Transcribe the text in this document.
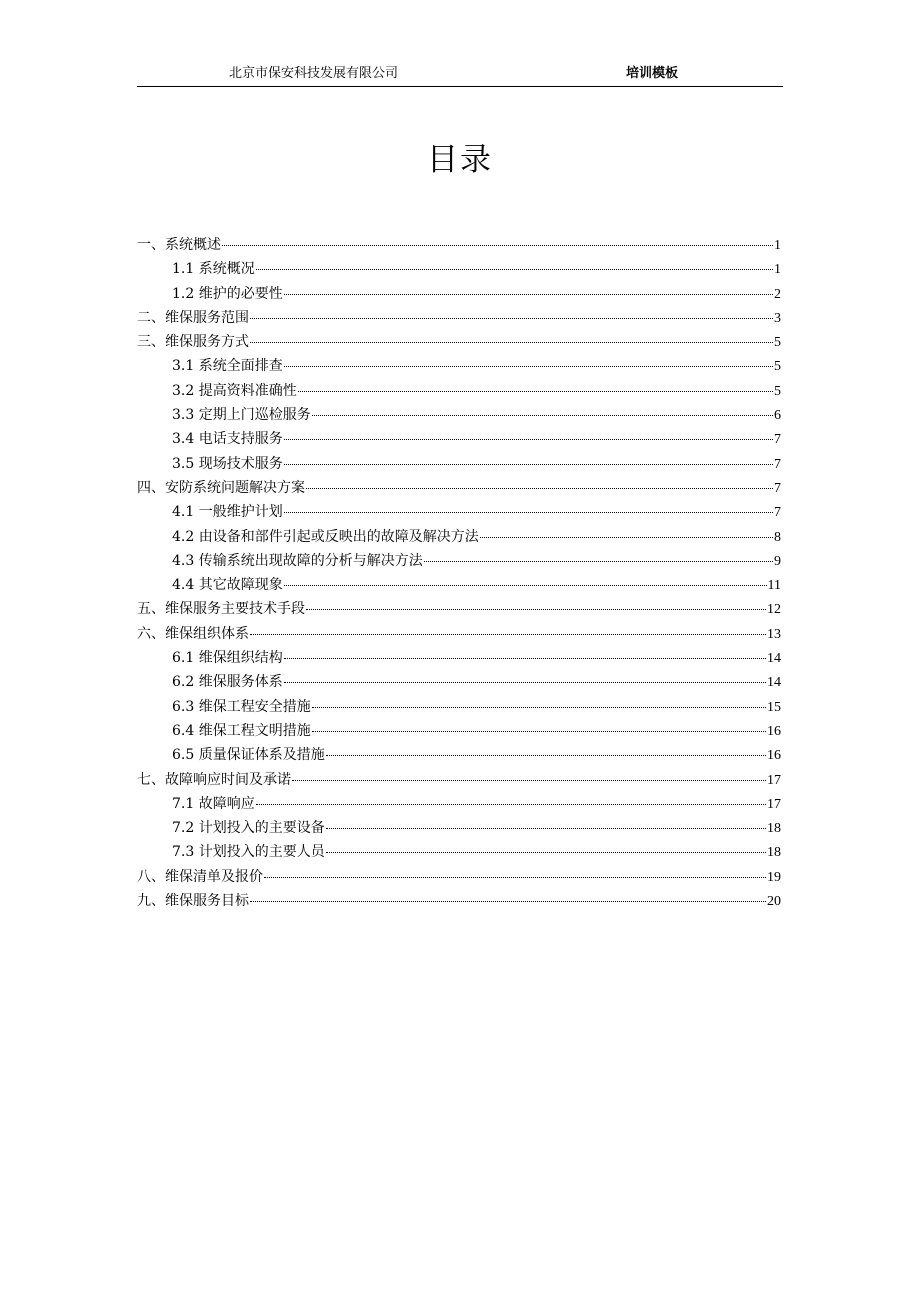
北京市保安科技发展有限公司	培训模板
目录
一、系统概述	1
1.1 系统概况	1
1.2 维护的必要性	2
二、维保服务范围	3
三、维保服务方式	5
3.1 系统全面排查	5
3.2 提高资料准确性	5
3.3 定期上门巡检服务	6
3.4 电话支持服务	7
3.5 现场技术服务	7
四、安防系统问题解决方案	7
4.1 一般维护计划	7
4.2 由设备和部件引起或反映出的故障及解决方法	8
4.3 传输系统出现故障的分析与解决方法	9
4.4 其它故障现象	11
五、维保服务主要技术手段	12
六、维保组织体系	13
6.1 维保组织结构	14
6.2 维保服务体系	14
6.3 维保工程安全措施	15
6.4 维保工程文明措施	16
6.5 质量保证体系及措施	16
七、故障响应时间及承诺	17
7.1 故障响应	17
7.2 计划投入的主要设备	18
7.3 计划投入的主要人员	18
八、维保清单及报价	19
九、维保服务目标	20
